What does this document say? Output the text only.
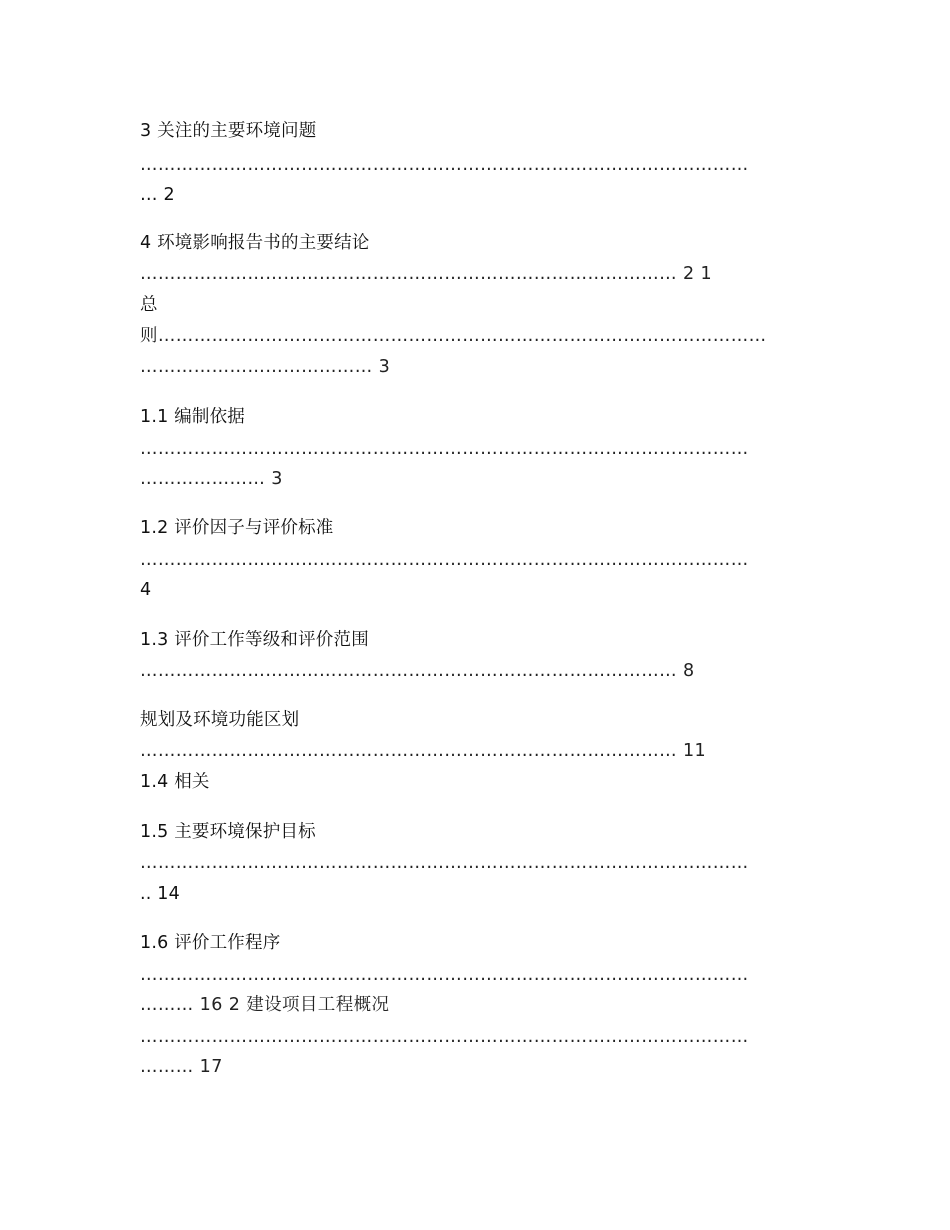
3 关注的主要环境问题
…………………………………………………………………………………………
… 2
4 环境影响报告书的主要结论
……………………………………………………………………………… 2 1
总
则…………………………………………………………………………………………
………………………………… 3
1.1 编制依据
…………………………………………………………………………………………
………………… 3
1.2 评价因子与评价标准
…………………………………………………………………………………………
4
1.3 评价工作等级和评价范围
……………………………………………………………………………… 8
规划及环境功能区划
……………………………………………………………………………… 11
1.4 相关
1.5 主要环境保护目标
…………………………………………………………………………………………
.. 14
1.6 评价工作程序
…………………………………………………………………………………………
……… 16 2 建设项目工程概况
…………………………………………………………………………………………
……… 17
